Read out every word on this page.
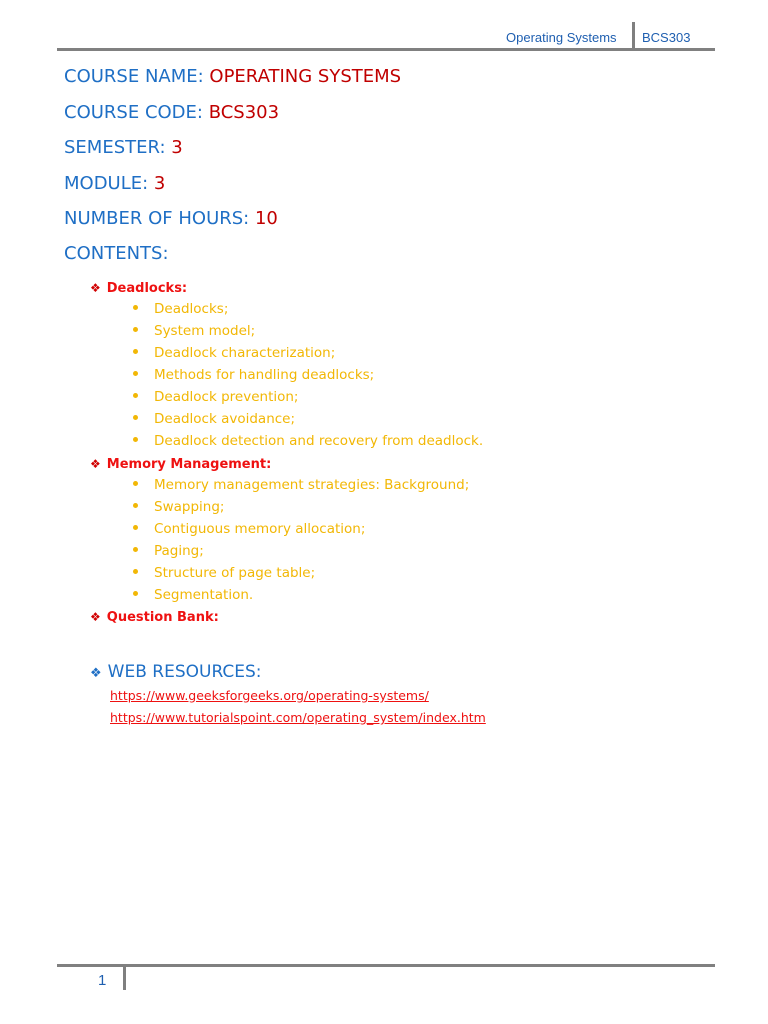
Operating Systems BCS303
COURSE NAME: OPERATING SYSTEMS
COURSE CODE: BCS303
SEMESTER: 3
MODULE: 3
NUMBER OF HOURS: 10
CONTENTS:
❖ Deadlocks:
Deadlocks;
System model;
Deadlock characterization;
Methods for handling deadlocks;
Deadlock prevention;
Deadlock avoidance;
Deadlock detection and recovery from deadlock.
❖ Memory Management:
Memory management strategies: Background;
Swapping;
Contiguous memory allocation;
Paging;
Structure of page table;
Segmentation.
❖ Question Bank:
❖ WEB RESOURCES:
https://www.geeksforgeeks.org/operating-systems/
https://www.tutorialspoint.com/operating_system/index.htm
1
